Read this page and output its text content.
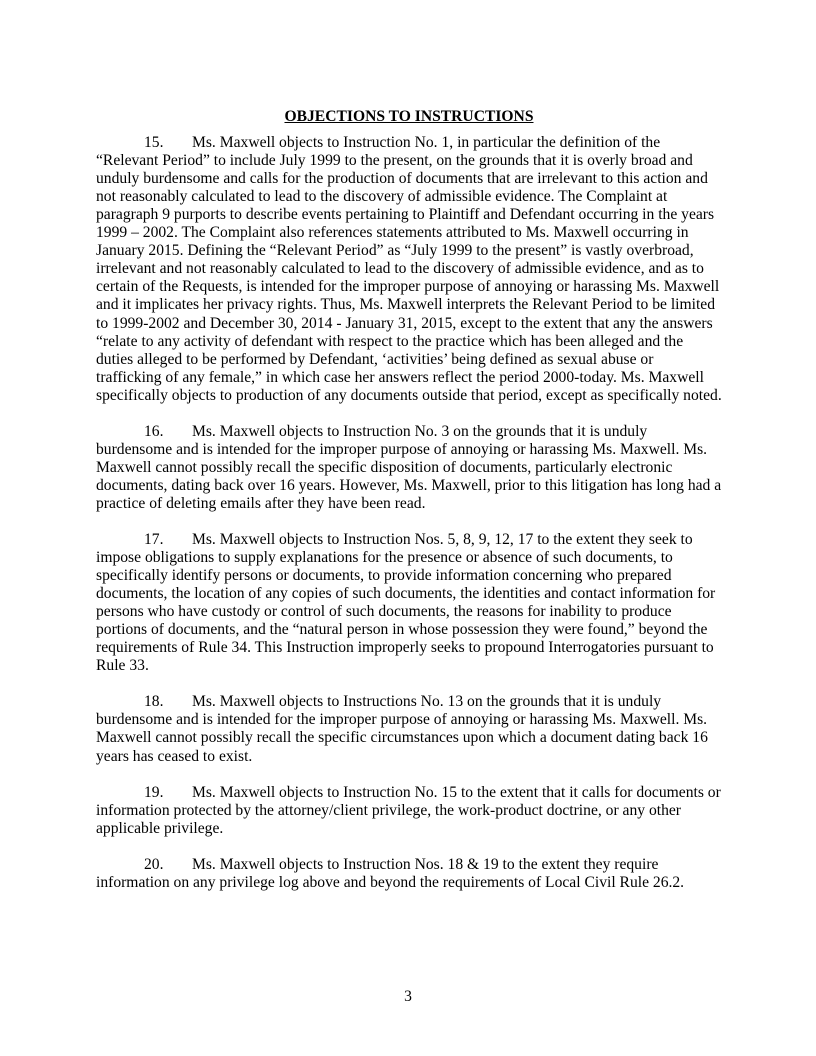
OBJECTIONS TO INSTRUCTIONS

15. Ms. Maxwell objects to Instruction No. 1, in particular the definition of the “Relevant Period” to include July 1999 to the present, on the grounds that it is overly broad and unduly burdensome and calls for the production of documents that are irrelevant to this action and not reasonably calculated to lead to the discovery of admissible evidence. The Complaint at paragraph 9 purports to describe events pertaining to Plaintiff and Defendant occurring in the years 1999 – 2002. The Complaint also references statements attributed to Ms. Maxwell occurring in January 2015. Defining the “Relevant Period” as “July 1999 to the present” is vastly overbroad, irrelevant and not reasonably calculated to lead to the discovery of admissible evidence, and as to certain of the Requests, is intended for the improper purpose of annoying or harassing Ms. Maxwell and it implicates her privacy rights. Thus, Ms. Maxwell interprets the Relevant Period to be limited to 1999-2002 and December 30, 2014 - January 31, 2015, except to the extent that any the answers “relate to any activity of defendant with respect to the practice which has been alleged and the duties alleged to be performed by Defendant, ‘activities’ being defined as sexual abuse or trafficking of any female,” in which case her answers reflect the period 2000-today. Ms. Maxwell specifically objects to production of any documents outside that period, except as specifically noted.

16. Ms. Maxwell objects to Instruction No. 3 on the grounds that it is unduly burdensome and is intended for the improper purpose of annoying or harassing Ms. Maxwell. Ms. Maxwell cannot possibly recall the specific disposition of documents, particularly electronic documents, dating back over 16 years. However, Ms. Maxwell, prior to this litigation has long had a practice of deleting emails after they have been read.

17. Ms. Maxwell objects to Instruction Nos. 5, 8, 9, 12, 17 to the extent they seek to impose obligations to supply explanations for the presence or absence of such documents, to specifically identify persons or documents, to provide information concerning who prepared documents, the location of any copies of such documents, the identities and contact information for persons who have custody or control of such documents, the reasons for inability to produce portions of documents, and the “natural person in whose possession they were found,” beyond the requirements of Rule 34. This Instruction improperly seeks to propound Interrogatories pursuant to Rule 33.

18. Ms. Maxwell objects to Instructions No. 13 on the grounds that it is unduly burdensome and is intended for the improper purpose of annoying or harassing Ms. Maxwell. Ms. Maxwell cannot possibly recall the specific circumstances upon which a document dating back 16 years has ceased to exist.

19. Ms. Maxwell objects to Instruction No. 15 to the extent that it calls for documents or information protected by the attorney/client privilege, the work-product doctrine, or any other applicable privilege.

20. Ms. Maxwell objects to Instruction Nos. 18 & 19 to the extent they require information on any privilege log above and beyond the requirements of Local Civil Rule 26.2.

3
